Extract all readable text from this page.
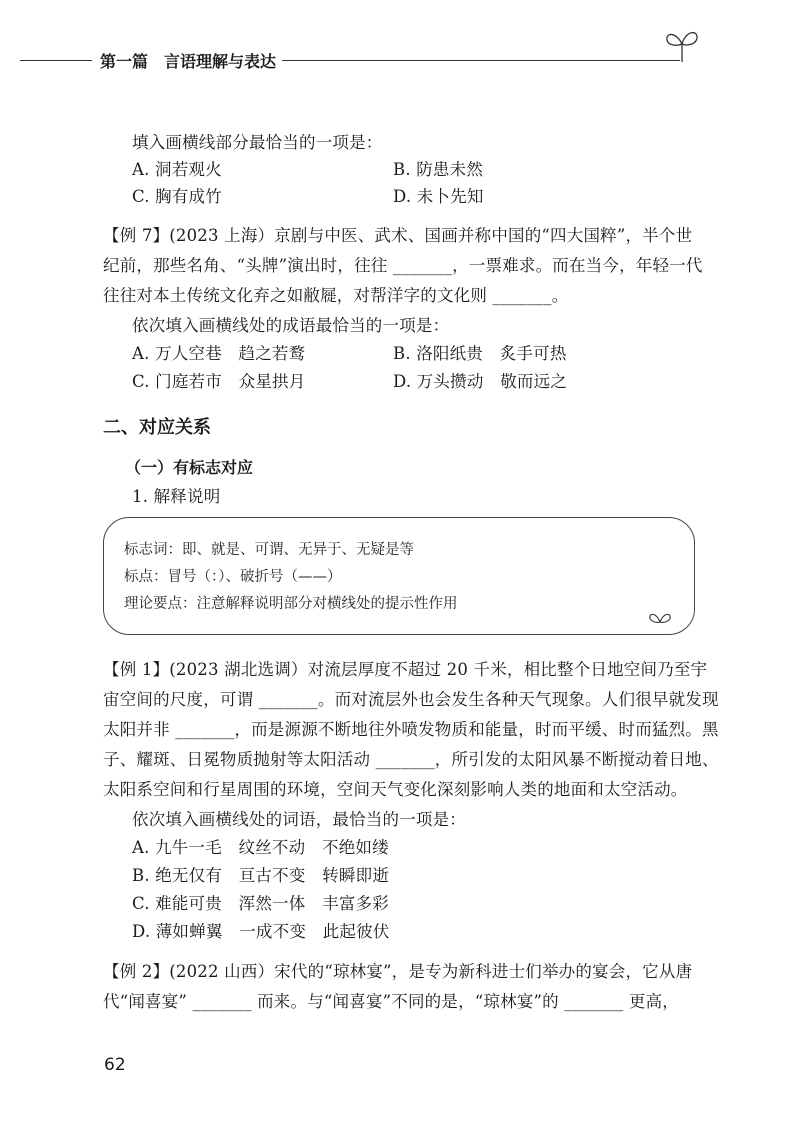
第一篇　言语理解与表达
填入画横线部分最恰当的一项是：
A. 洞若观火	B. 防患未然
C. 胸有成竹	D. 未卜先知
【例 7】(2023 上海）京剧与中医、武术、国画并称中国的“四大国粹”，半个世
纪前，那些名角、“头牌”演出时，往往 _______，一票难求。而在当今，年轻一代
往往对本土传统文化弃之如敝屣，对帮洋字的文化则 _______。
依次填入画横线处的成语最恰当的一项是：
A. 万人空巷　趋之若鹜	B. 洛阳纸贵　炙手可热
C. 门庭若市　众星拱月	D. 万头攒动　敬而远之
二、对应关系
（一）有标志对应
1. 解释说明
标志词：即、就是、可谓、无异于、无疑是等
标点：冒号（：）、破折号（——）
理论要点：注意解释说明部分对横线处的提示性作用
【例 1】(2023 湖北选调）对流层厚度不超过 20 千米，相比整个日地空间乃至宇
宙空间的尺度，可谓 _______。而对流层外也会发生各种天气现象。人们很早就发现
太阳并非 _______，而是源源不断地往外喷发物质和能量，时而平缓、时而猛烈。黑
子、耀斑、日冕物质抛射等太阳活动 _______，所引发的太阳风暴不断搅动着日地、
太阳系空间和行星周围的环境，空间天气变化深刻影响人类的地面和太空活动。
依次填入画横线处的词语，最恰当的一项是：
A. 九牛一毛　纹丝不动　不绝如缕
B. 绝无仅有　亘古不变　转瞬即逝
C. 难能可贵　浑然一体　丰富多彩
D. 薄如蝉翼　一成不变　此起彼伏
【例 2】(2022 山西）宋代的“琼林宴”，是专为新科进士们举办的宴会，它从唐
代“闻喜宴” _______ 而来。与“闻喜宴”不同的是，“琼林宴”的 _______ 更高，
62
